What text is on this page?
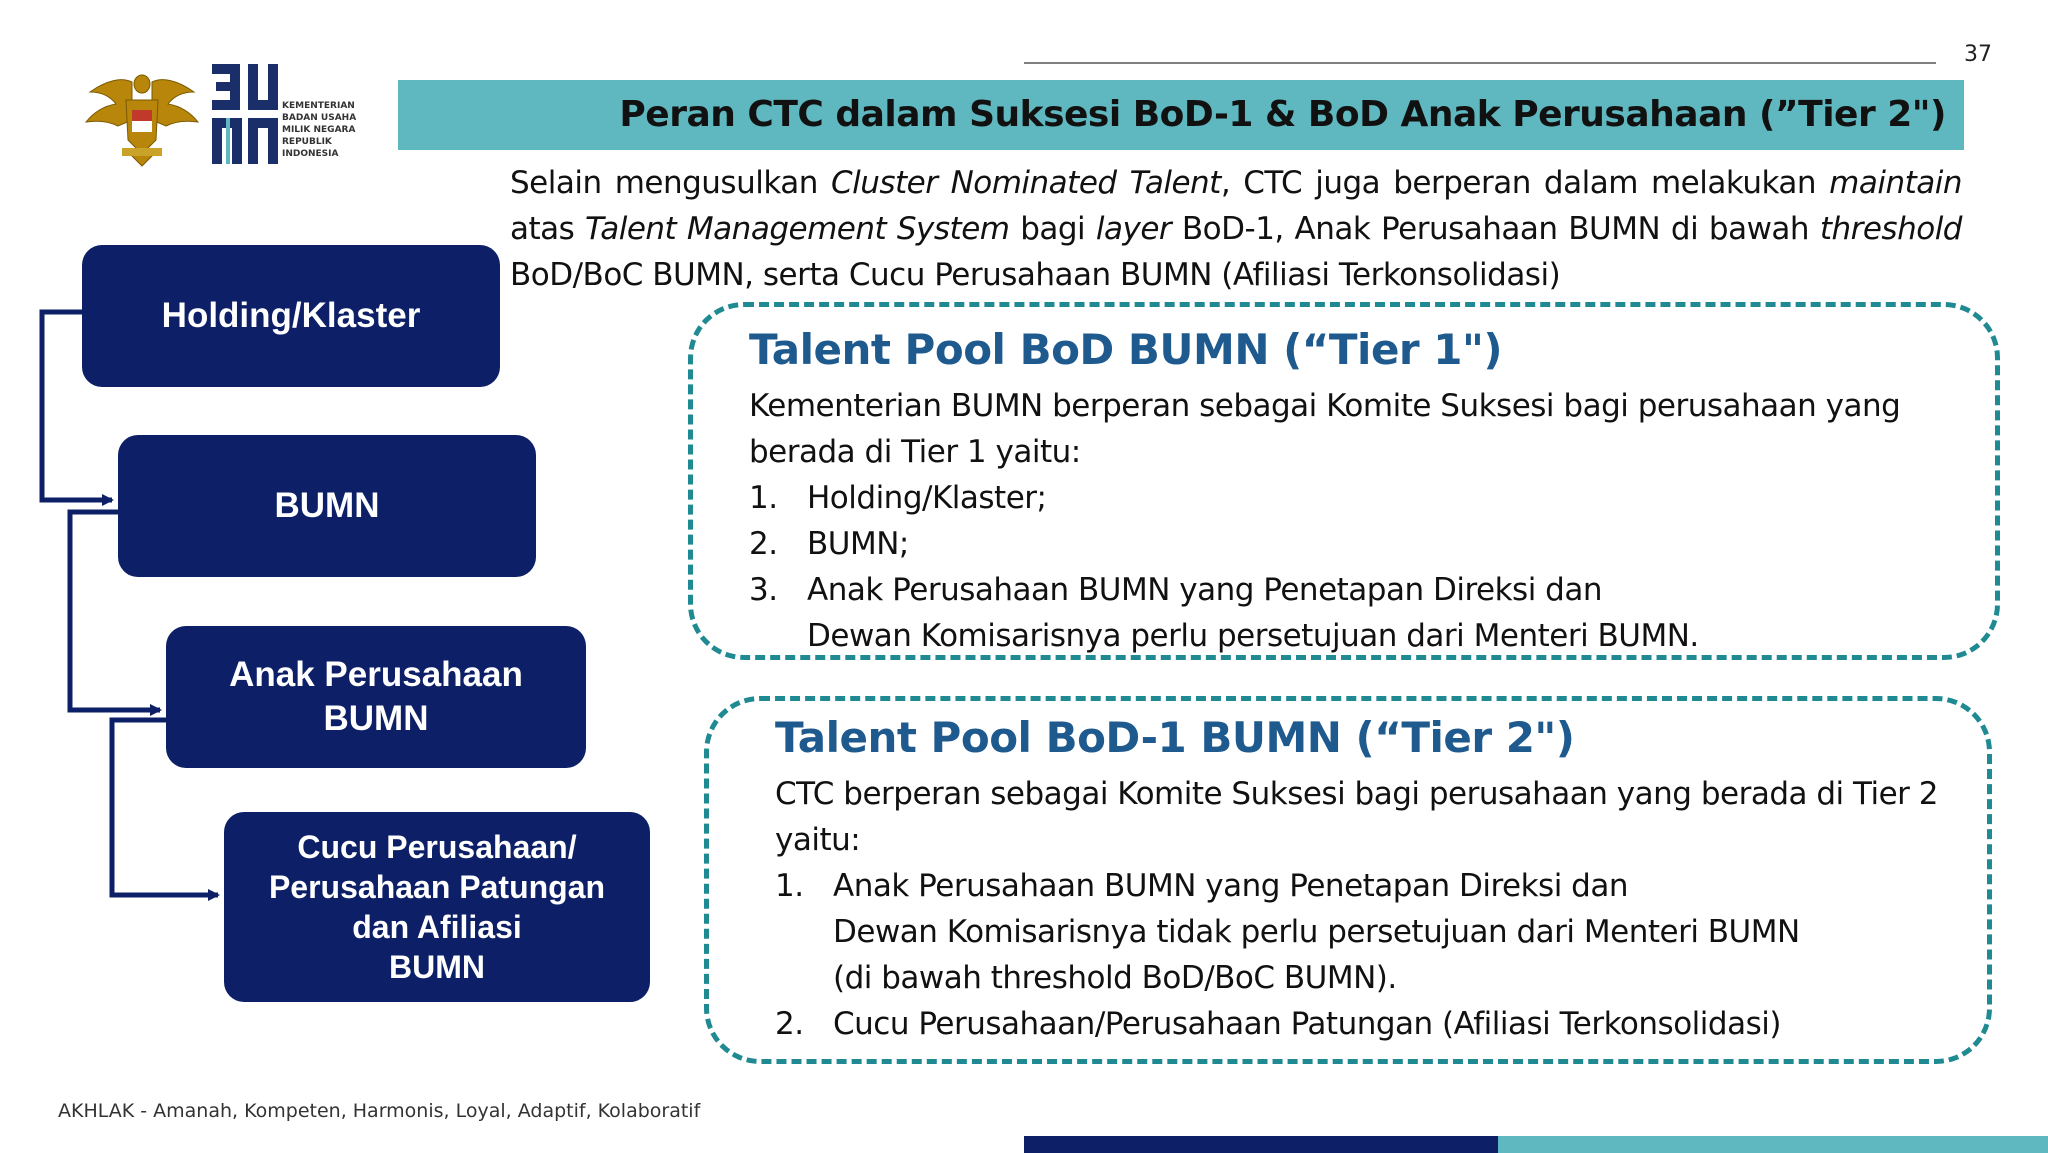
37
KEMENTERIAN
BADAN USAHA
MILIK NEGARA
REPUBLIK
INDONESIA
Peran CTC dalam Suksesi BoD-1 & BoD Anak Perusahaan (”Tier 2")
Selain mengusulkan Cluster Nominated Talent, CTC juga berperan dalam melakukan maintain atas Talent Management System bagi layer BoD-1, Anak Perusahaan BUMN di bawah threshold BoD/BoC BUMN, serta Cucu Perusahaan BUMN (Afiliasi Terkonsolidasi)
Holding/Klaster
BUMN
Anak Perusahaan
BUMN
Cucu Perusahaan/
Perusahaan Patungan
dan Afiliasi
BUMN
Talent Pool BoD BUMN (“Tier 1")
Kementerian BUMN berperan sebagai Komite Suksesi bagi perusahaan yang berada di Tier 1 yaitu:
1. Holding/Klaster;
2. BUMN;
3. Anak Perusahaan BUMN yang Penetapan Direksi dan
Dewan Komisarisnya perlu persetujuan dari Menteri BUMN.
Talent Pool BoD-1 BUMN (“Tier 2")
CTC berperan sebagai Komite Suksesi bagi perusahaan yang berada di Tier 2 yaitu:
1. Anak Perusahaan BUMN yang Penetapan Direksi dan
Dewan Komisarisnya tidak perlu persetujuan dari Menteri BUMN
(di bawah threshold BoD/BoC BUMN).
2. Cucu Perusahaan/Perusahaan Patungan (Afiliasi Terkonsolidasi)
AKHLAK - Amanah, Kompeten, Harmonis, Loyal, Adaptif, Kolaboratif
